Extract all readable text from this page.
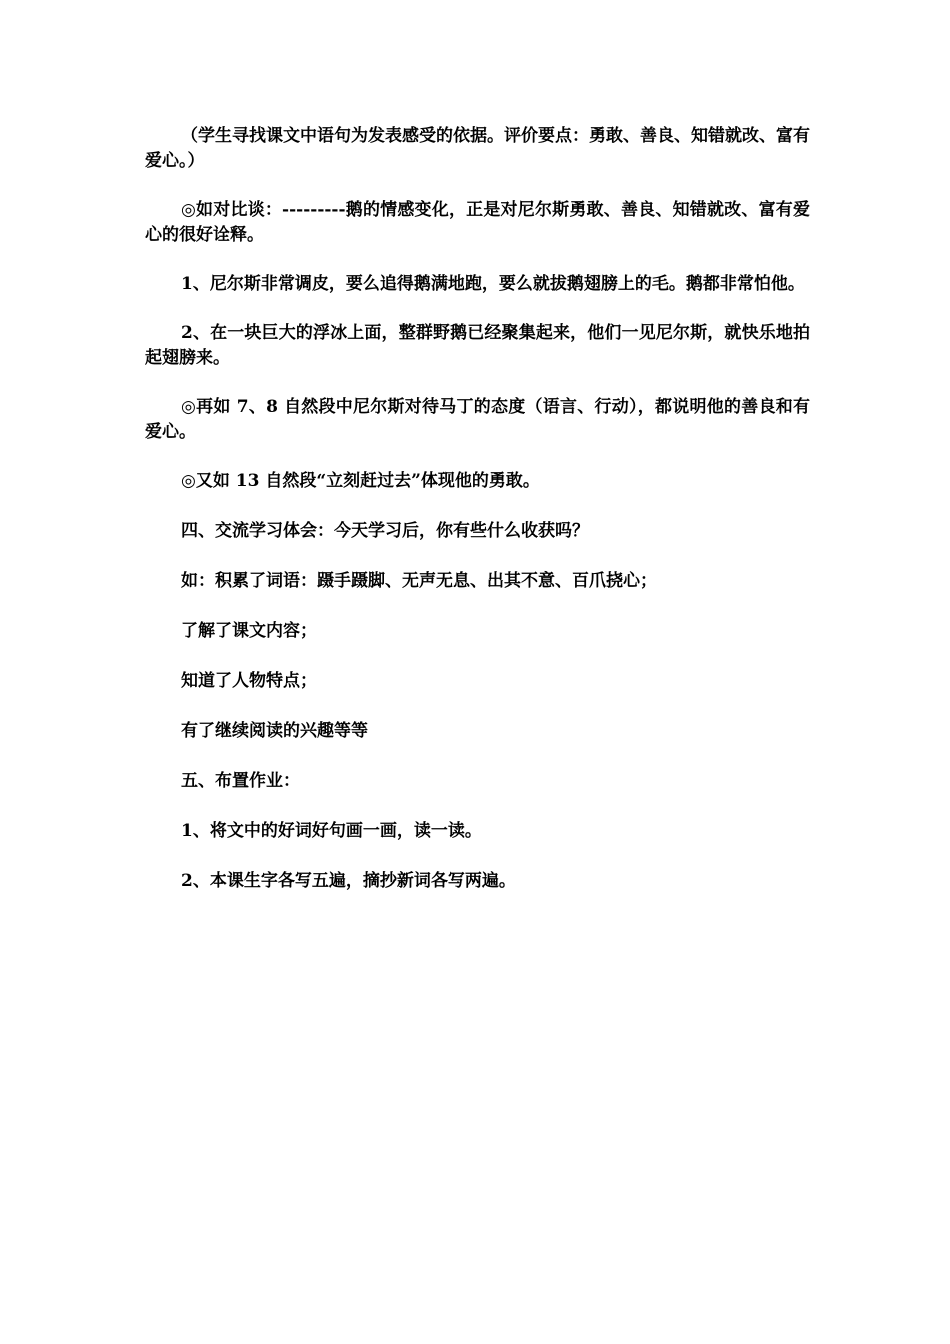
（学生寻找课文中语句为发表感受的依据。评价要点：勇敢、善良、知错就改、富有爱心。）

◎如对比谈：---------鹅的情感变化，正是对尼尔斯勇敢、善良、知错就改、富有爱心的很好诠释。

1、尼尔斯非常调皮，要么追得鹅满地跑，要么就拔鹅翅膀上的毛。鹅都非常怕他。

2、在一块巨大的浮冰上面，整群野鹅已经聚集起来，他们一见尼尔斯，就快乐地拍起翅膀来。

◎再如 7、8 自然段中尼尔斯对待马丁的态度（语言、行动），都说明他的善良和有爱心。

◎又如 13 自然段“立刻赶过去”体现他的勇敢。

四、交流学习体会：今天学习后，你有些什么收获吗？

如：积累了词语：蹑手蹑脚、无声无息、出其不意、百爪挠心；

了解了课文内容；

知道了人物特点；

有了继续阅读的兴趣等等

五、布置作业：

1、将文中的好词好句画一画，读一读。

2、本课生字各写五遍，摘抄新词各写两遍。
